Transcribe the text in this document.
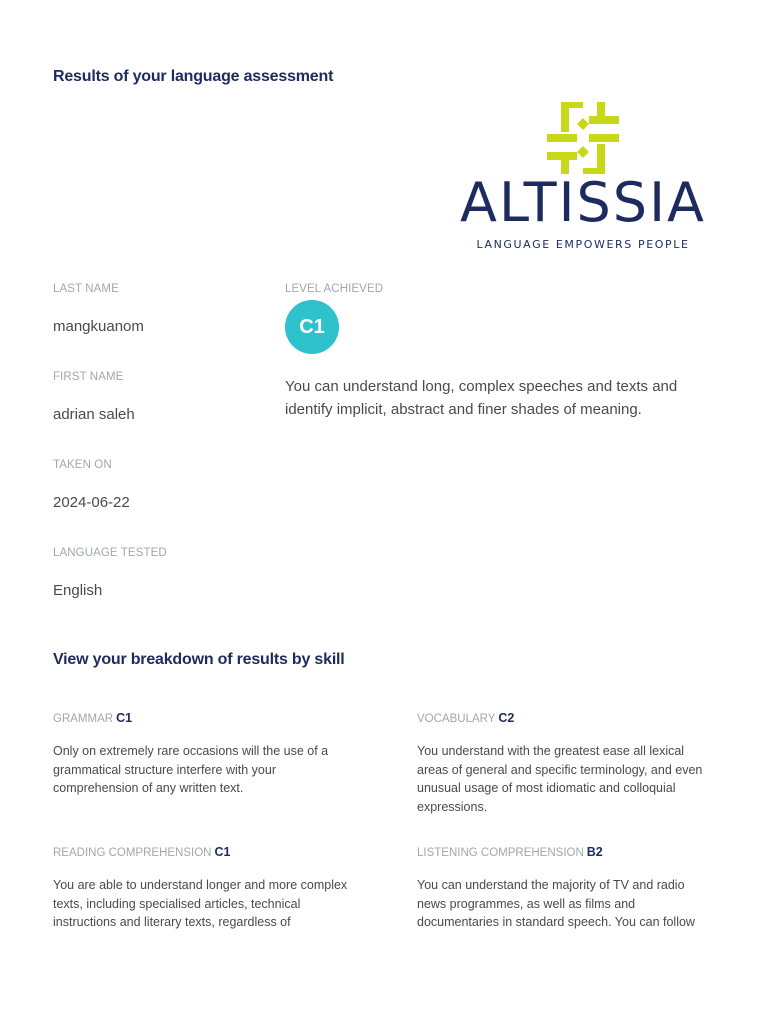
Results of your language assessment
ALTISSIA
LANGUAGE EMPOWERS PEOPLE
LAST NAME
mangkuanom
FIRST NAME
adrian saleh
TAKEN ON
2024-06-22
LANGUAGE TESTED
English
LEVEL ACHIEVED
C1
You can understand long, complex speeches and texts and identify implicit, abstract and finer shades of meaning.
View your breakdown of results by skill
GRAMMAR C1
Only on extremely rare occasions will the use of a grammatical structure interfere with your comprehension of any written text.
VOCABULARY C2
You understand with the greatest ease all lexical areas of general and specific terminology, and even unusual usage of most idiomatic and colloquial expressions.
READING COMPREHENSION C1
You are able to understand longer and more complex texts, including specialised articles, technical instructions and literary texts, regardless of
LISTENING COMPREHENSION B2
You can understand the majority of TV and radio news programmes, as well as films and documentaries in standard speech. You can follow
